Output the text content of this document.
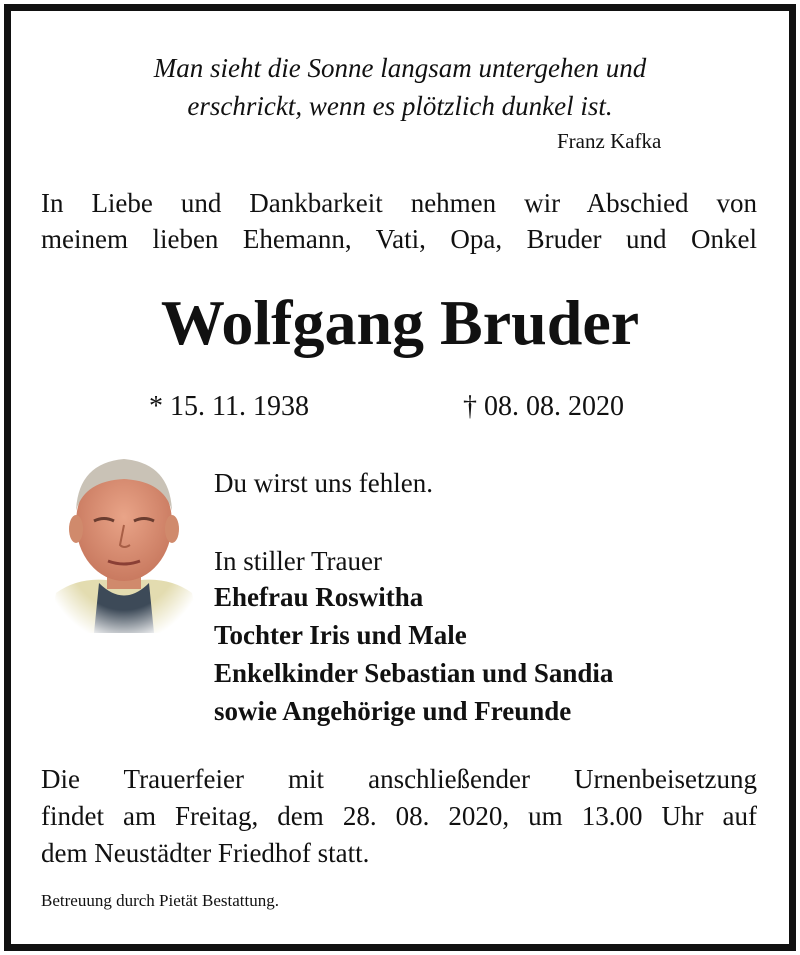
Man sieht die Sonne langsam untergehen und
erschrickt, wenn es plötzlich dunkel ist.
Franz Kafka
In Liebe und Dankbarkeit nehmen wir Abschied von
meinem lieben Ehemann, Vati, Opa, Bruder und Onkel
Wolfgang Bruder
* 15. 11. 1938	† 08. 08. 2020
Du wirst uns fehlen.
In stiller Trauer
Ehefrau Roswitha
Tochter Iris und Male
Enkelkinder Sebastian und Sandia
sowie Angehörige und Freunde
Die Trauerfeier mit anschließender Urnenbeisetzung
findet am Freitag, dem 28. 08. 2020, um 13.00 Uhr auf
dem Neustädter Friedhof statt.
Betreuung durch Pietät Bestattung.
